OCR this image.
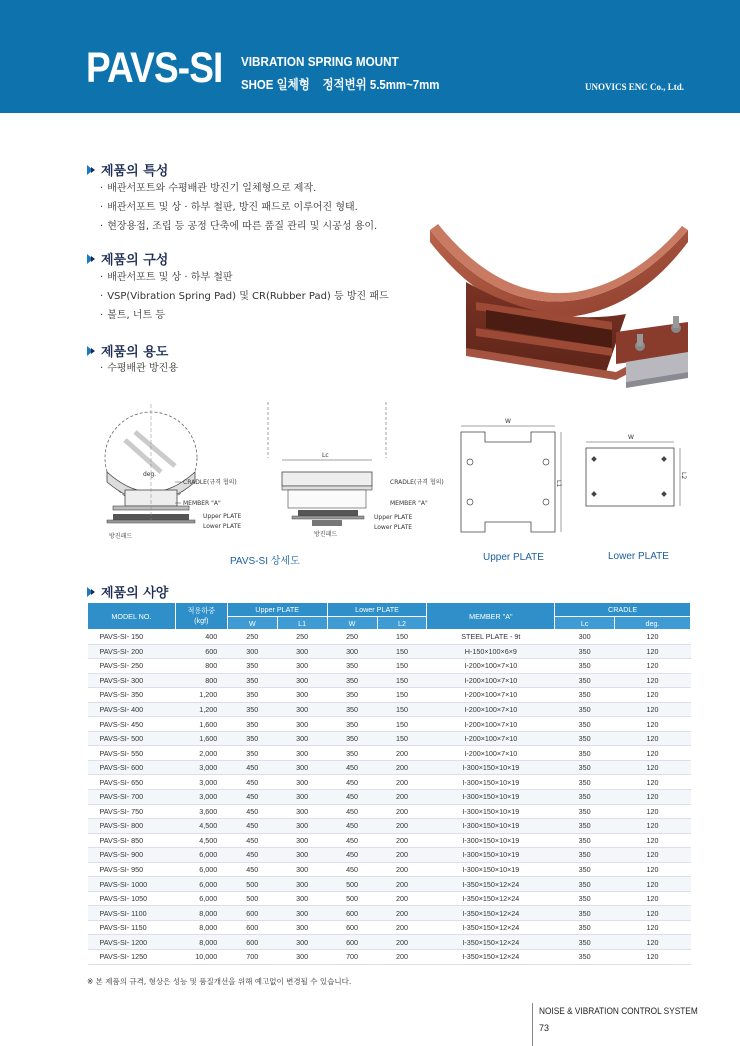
PAVS-SI VIBRATION SPRING MOUNT
SHOE 일체형    정적변위 5.5mm~7mm	UNOVICS ENC Co., Ltd.
제품의 특성
· 배관서포트와 수평배관 방진기 일체형으로 제작.
· 배관서포트 및 상 · 하부 철판, 방진 패드로 이루어진 형태.
· 현장용접, 조립 등 공정 단축에 따른 품질 관리 및 시공성 용이.
제품의 구성
· 배관서포트 및 상 · 하부 철판
· VSP(Vibration Spring Pad) 및 CR(Rubber Pad) 등 방진 패드
· 볼트, 너트 등
제품의 용도
· 수평배관 방진용
deg.
방진패드
CRADLE(규격 협의)
MEMBER "A"
Upper PLATE
Lower PLATE
Lc
방진패드
CRADLE(규격 협의)
MEMBER "A"
Upper PLATE
Lower PLATE
PAVS-SI 상세도
W
L1
Upper PLATE
W
L2
Lower PLATE
제품의 사양
MODEL NO.	적용하중
(kgf)	Upper PLATE		Lower PLATE		MEMBER "A"	CRADLE	
		W	L1	W	L2		Lc	deg.
PAVS-SI- 150	400	250	250	250	150	STEEL PLATE - 9t	300	120
PAVS-SI- 200	600	300	300	300	150	H-150×100×6×9	350	120
PAVS-SI- 250	800	350	300	350	150	I-200×100×7×10	350	120
PAVS-SI- 300	800	350	300	350	150	I-200×100×7×10	350	120
PAVS-SI- 350	1,200	350	300	350	150	I-200×100×7×10	350	120
PAVS-SI- 400	1,200	350	300	350	150	I-200×100×7×10	350	120
PAVS-SI- 450	1,600	350	300	350	150	I-200×100×7×10	350	120
PAVS-SI- 500	1,600	350	300	350	150	I-200×100×7×10	350	120
PAVS-SI- 550	2,000	350	300	350	200	I-200×100×7×10	350	120
PAVS-SI- 600	3,000	450	300	450	200	I-300×150×10×19	350	120
PAVS-SI- 650	3,000	450	300	450	200	I-300×150×10×19	350	120
PAVS-SI- 700	3,000	450	300	450	200	I-300×150×10×19	350	120
PAVS-SI- 750	3,600	450	300	450	200	I-300×150×10×19	350	120
PAVS-SI- 800	4,500	450	300	450	200	I-300×150×10×19	350	120
PAVS-SI- 850	4,500	450	300	450	200	I-300×150×10×19	350	120
PAVS-SI- 900	6,000	450	300	450	200	I-300×150×10×19	350	120
PAVS-SI- 950	6,000	450	300	450	200	I-300×150×10×19	350	120
PAVS-SI- 1000	6,000	500	300	500	200	I-350×150×12×24	350	120
PAVS-SI- 1050	6,000	500	300	500	200	I-350×150×12×24	350	120
PAVS-SI- 1100	8,000	600	300	600	200	I-350×150×12×24	350	120
PAVS-SI- 1150	8,000	600	300	600	200	I-350×150×12×24	350	120
PAVS-SI- 1200	8,000	600	300	600	200	I-350×150×12×24	350	120
PAVS-SI- 1250	10,000	700	300	700	200	I-350×150×12×24	350	120
※ 본 제품의 규격, 형상은 성능 및 품질개선을 위해 예고없이 변경될 수 있습니다.
NOISE & VIBRATION CONTROL SYSTEM
73
